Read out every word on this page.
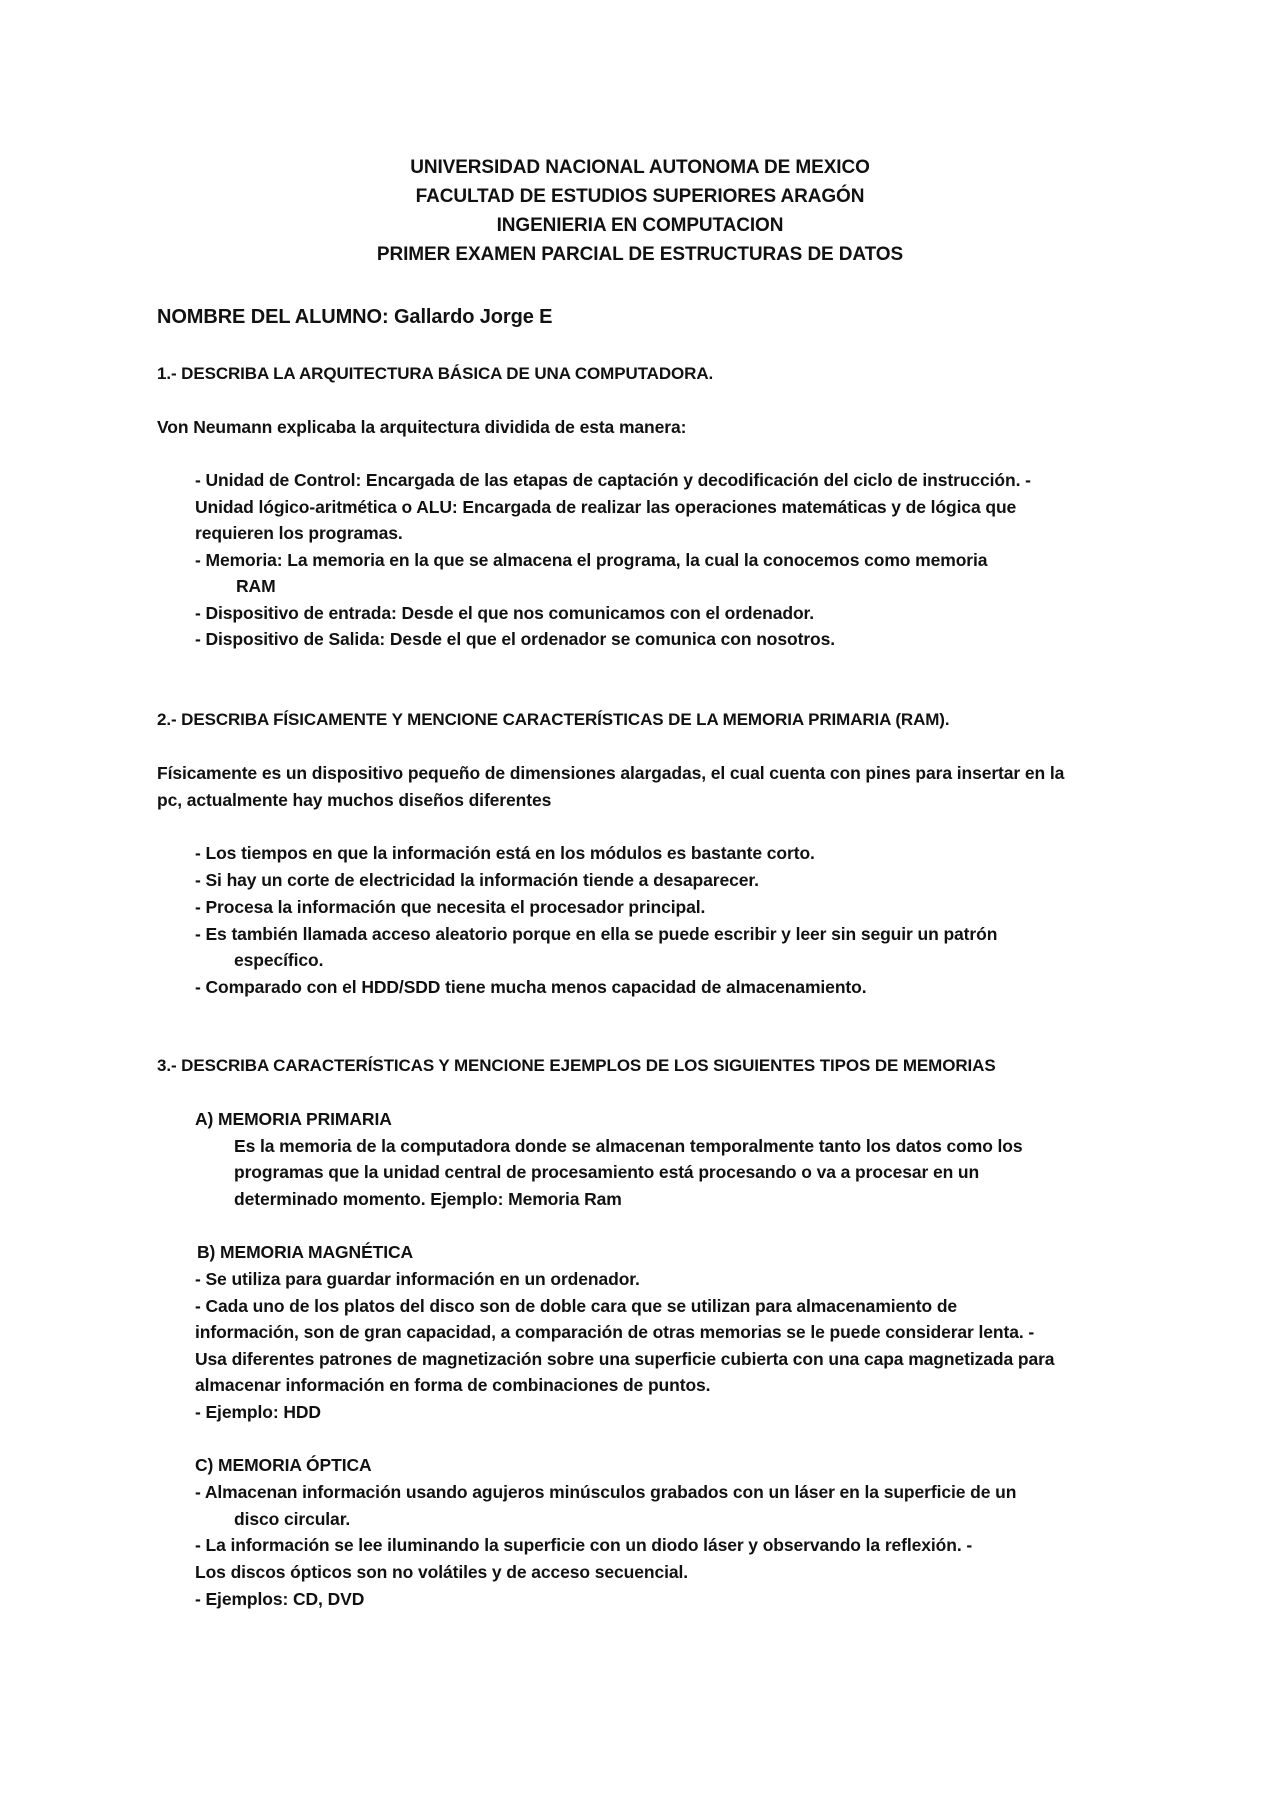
UNIVERSIDAD NACIONAL AUTONOMA DE MEXICO
FACULTAD DE ESTUDIOS SUPERIORES ARAGÓN
INGENIERIA EN COMPUTACION
PRIMER EXAMEN PARCIAL DE ESTRUCTURAS DE DATOS
NOMBRE DEL ALUMNO: Gallardo Jorge E
1.- DESCRIBA LA ARQUITECTURA BÁSICA DE UNA COMPUTADORA.
Von Neumann explicaba la arquitectura dividida de esta manera:
- Unidad de Control: Encargada de las etapas de captación y decodificación del ciclo de instrucción. -
Unidad lógico-aritmética o ALU: Encargada de realizar las operaciones matemáticas y de lógica que
requieren los programas.
- Memoria: La memoria en la que se almacena el programa, la cual la conocemos como memoria
RAM
- Dispositivo de entrada: Desde el que nos comunicamos con el ordenador.
- Dispositivo de Salida: Desde el que el ordenador se comunica con nosotros.
2.- DESCRIBA FÍSICAMENTE Y MENCIONE CARACTERÍSTICAS DE LA MEMORIA PRIMARIA (RAM).
Físicamente es un dispositivo pequeño de dimensiones alargadas, el cual cuenta con pines para insertar en la
pc, actualmente hay muchos diseños diferentes
- Los tiempos en que la información está en los módulos es bastante corto.
- Si hay un corte de electricidad la información tiende a desaparecer.
- Procesa la información que necesita el procesador principal.
- Es también llamada acceso aleatorio porque en ella se puede escribir y leer sin seguir un patrón
específico.
- Comparado con el HDD/SDD tiene mucha menos capacidad de almacenamiento.
3.- DESCRIBA CARACTERÍSTICAS Y MENCIONE EJEMPLOS DE LOS SIGUIENTES TIPOS DE MEMORIAS
A) MEMORIA PRIMARIA
Es la memoria de la computadora donde se almacenan temporalmente tanto los datos como los
programas que la unidad central de procesamiento está procesando o va a procesar en un
determinado momento. Ejemplo: Memoria Ram
B) MEMORIA MAGNÉTICA
- Se utiliza para guardar información en un ordenador.
- Cada uno de los platos del disco son de doble cara que se utilizan para almacenamiento de
información, son de gran capacidad, a comparación de otras memorias se le puede considerar lenta. -
Usa diferentes patrones de magnetización sobre una superficie cubierta con una capa magnetizada para
almacenar información en forma de combinaciones de puntos.
- Ejemplo: HDD
C) MEMORIA ÓPTICA
- Almacenan información usando agujeros minúsculos grabados con un láser en la superficie de un
disco circular.
- La información se lee iluminando la superficie con un diodo láser y observando la reflexión. -
Los discos ópticos son no volátiles y de acceso secuencial.
- Ejemplos: CD, DVD
